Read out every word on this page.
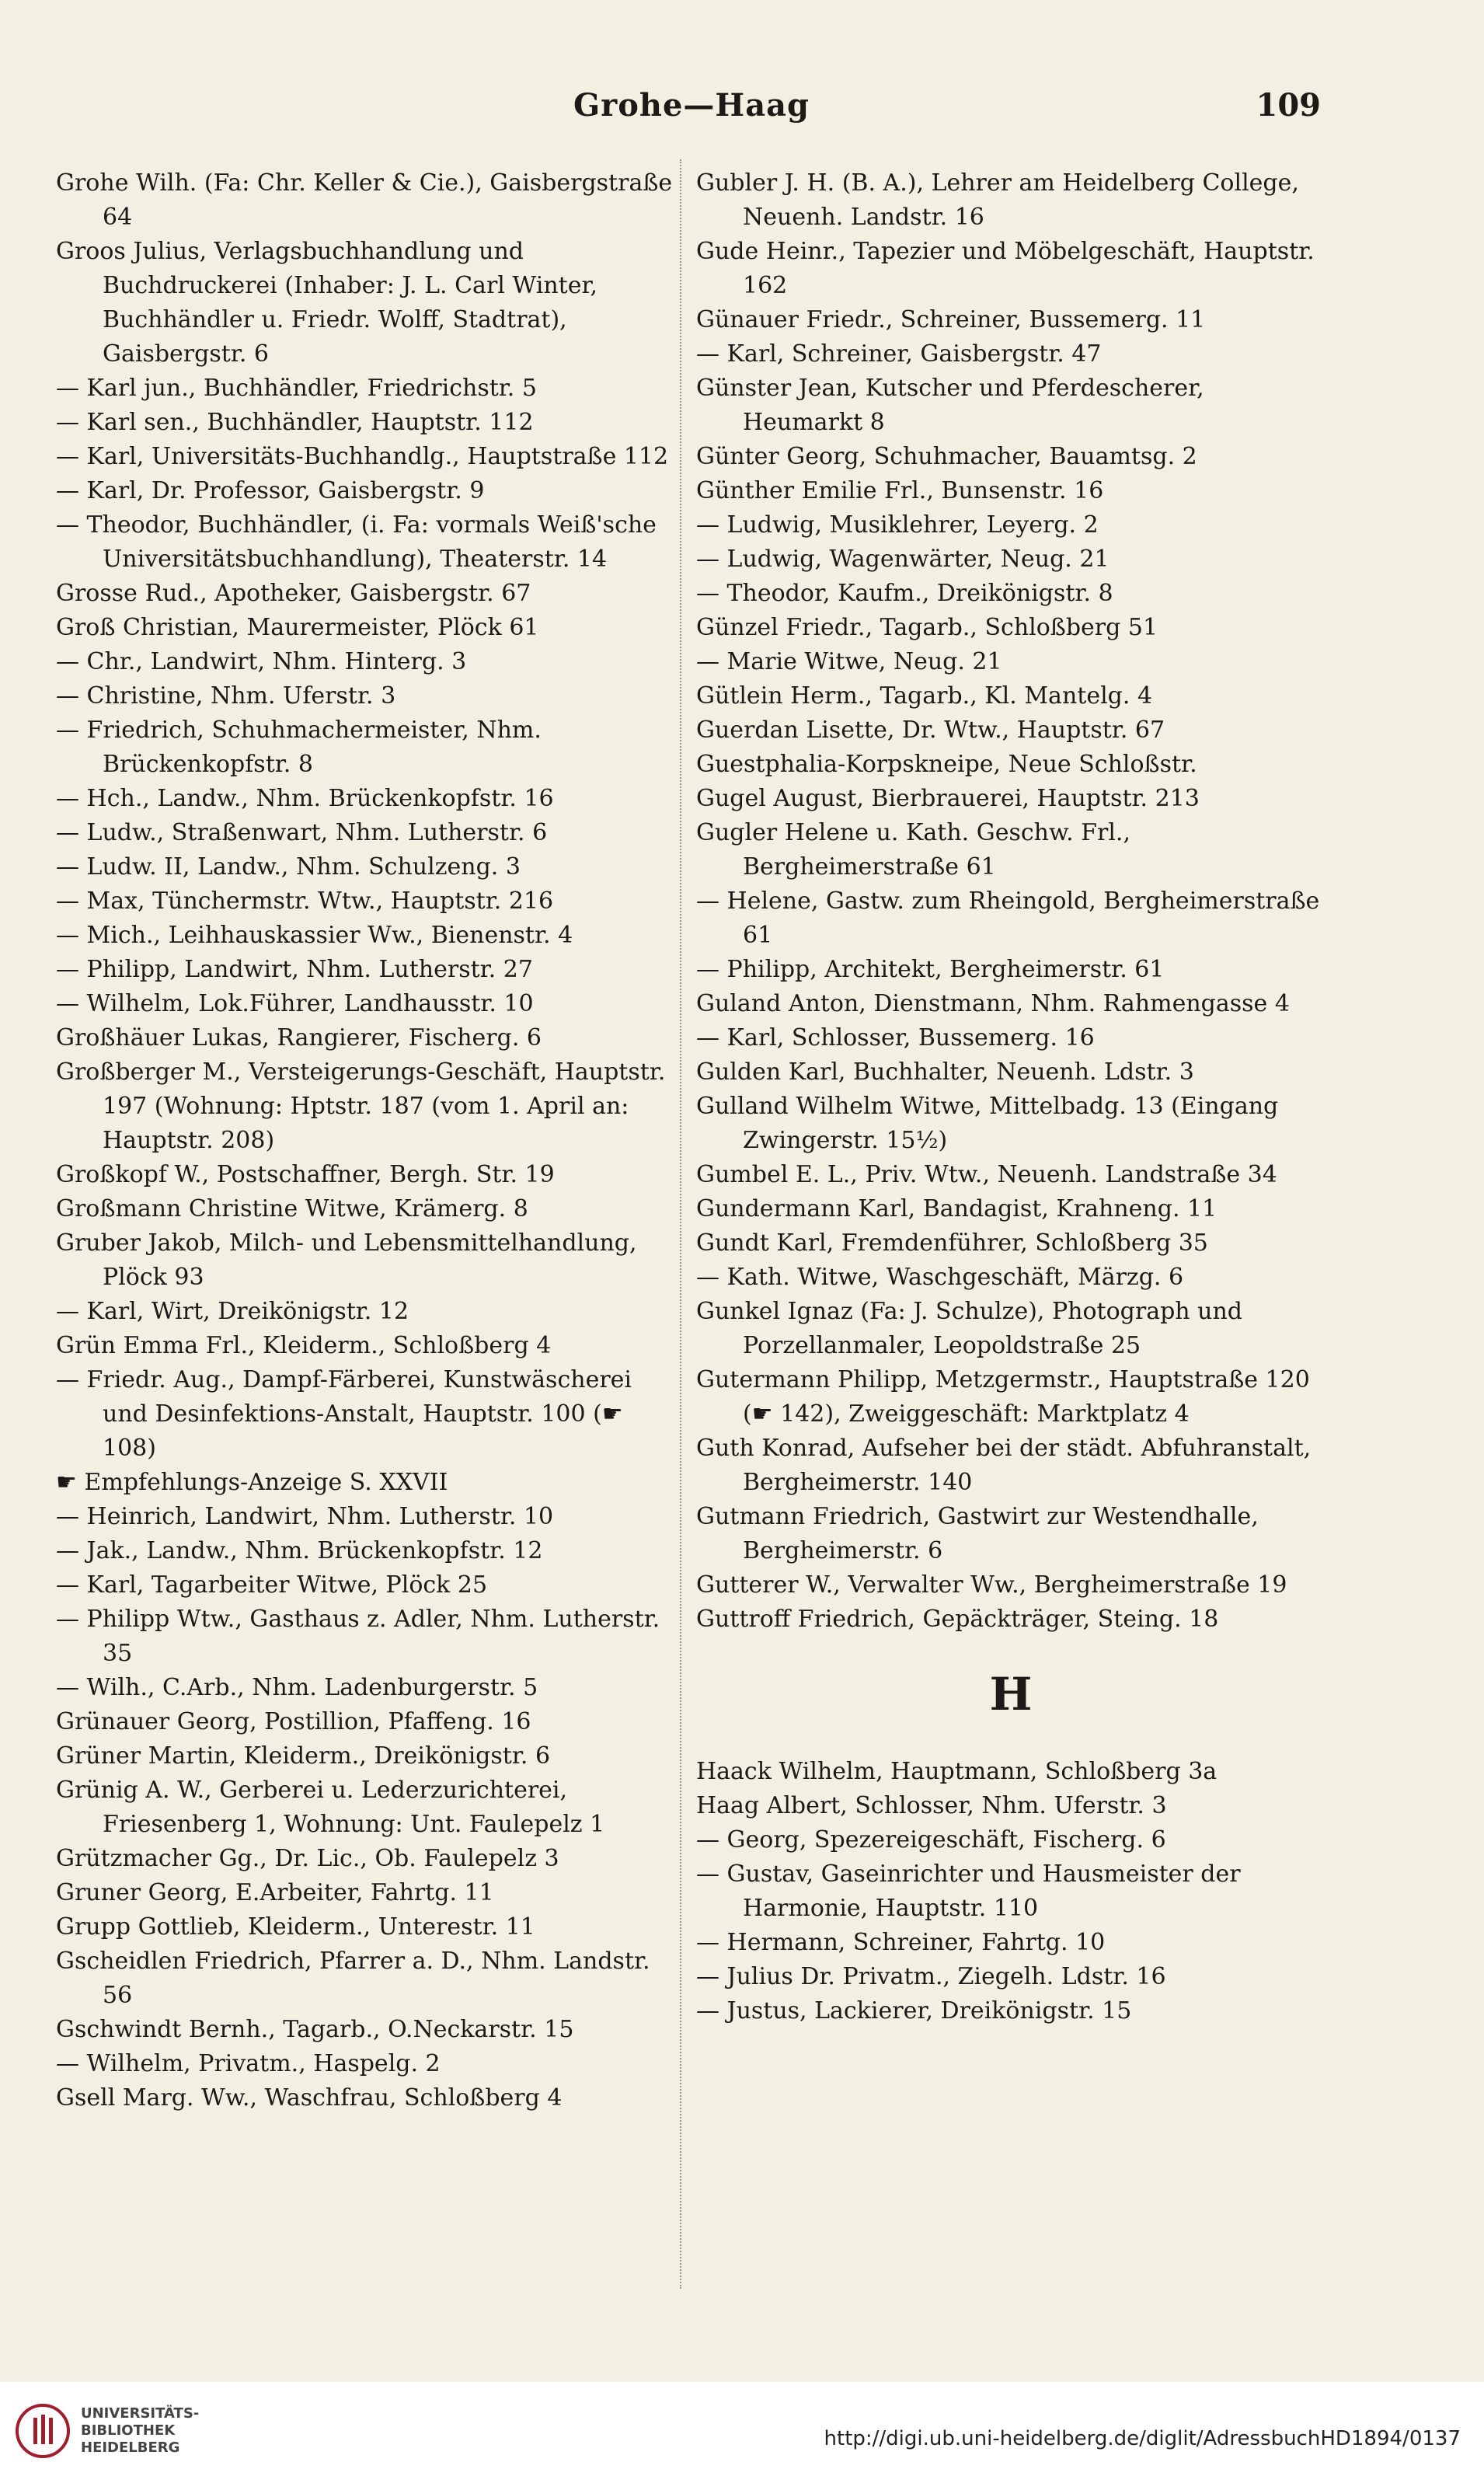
Grohe—Haag	109
Grohe Wilh. (Fa: Chr. Keller & Cie.), Gaisbergstraße 64
Groos Julius, Verlagsbuchhandlung und Buchdruckerei (Inhaber: J. L. Carl Winter, Buchhändler u. Friedr. Wolff, Stadtrat), Gaisbergstr. 6
— Karl jun., Buchhändler, Friedrichstr. 5
— Karl sen., Buchhändler, Hauptstr. 112
— Karl, Universitäts-Buchhandlg., Hauptstraße 112
— Karl, Dr. Professor, Gaisbergstr. 9
— Theodor, Buchhändler, (i. Fa: vormals Weiß'sche Universitätsbuchhandlung), Theaterstr. 14
Grosse Rud., Apotheker, Gaisbergstr. 67
Groß Christian, Maurermeister, Plöck 61
— Chr., Landwirt, Nhm. Hinterg. 3
— Christine, Nhm. Uferstr. 3
— Friedrich, Schuhmachermeister, Nhm. Brückenkopfstr. 8
— Hch., Landw., Nhm. Brückenkopfstr. 16
— Ludw., Straßenwart, Nhm. Lutherstr. 6
— Ludw. II, Landw., Nhm. Schulzeng. 3
— Max, Tünchermstr. Wtw., Hauptstr. 216
— Mich., Leihhauskassier Ww., Bienenstr. 4
— Philipp, Landwirt, Nhm. Lutherstr. 27
— Wilhelm, Lok.Führer, Landhausstr. 10
Großhäuer Lukas, Rangierer, Fischerg. 6
Großberger M., Versteigerungs-Geschäft, Hauptstr. 197 (Wohnung: Hptstr. 187 (vom 1. April an: Hauptstr. 208)
Großkopf W., Postschaffner, Bergh. Str. 19
Großmann Christine Witwe, Krämerg. 8
Gruber Jakob, Milch- und Lebensmittelhandlung, Plöck 93
— Karl, Wirt, Dreikönigstr. 12
Grün Emma Frl., Kleiderm., Schloßberg 4
— Friedr. Aug., Dampf-Färberei, Kunstwäscherei und Desinfektions-Anstalt, Hauptstr. 100 (☛ 108)
☛ Empfehlungs-Anzeige S. XXVII
— Heinrich, Landwirt, Nhm. Lutherstr. 10
— Jak., Landw., Nhm. Brückenkopfstr. 12
— Karl, Tagarbeiter Witwe, Plöck 25
— Philipp Wtw., Gasthaus z. Adler, Nhm. Lutherstr. 35
— Wilh., C.Arb., Nhm. Ladenburgerstr. 5
Grünauer Georg, Postillion, Pfaffeng. 16
Grüner Martin, Kleiderm., Dreikönigstr. 6
Grünig A. W., Gerberei u. Lederzurichterei, Friesenberg 1, Wohnung: Unt. Faulepelz 1
Grützmacher Gg., Dr. Lic., Ob. Faulepelz 3
Gruner Georg, E.Arbeiter, Fahrtg. 11
Grupp Gottlieb, Kleiderm., Unterestr. 11
Gscheidlen Friedrich, Pfarrer a. D., Nhm. Landstr. 56
Gschwindt Bernh., Tagarb., O.Neckarstr. 15
— Wilhelm, Privatm., Haspelg. 2
Gsell Marg. Ww., Waschfrau, Schloßberg 4
Gubler J. H. (B. A.), Lehrer am Heidelberg College, Neuenh. Landstr. 16
Gude Heinr., Tapezier und Möbelgeschäft, Hauptstr. 162
Günauer Friedr., Schreiner, Bussemerg. 11
— Karl, Schreiner, Gaisbergstr. 47
Günster Jean, Kutscher und Pferdescherer, Heumarkt 8
Günter Georg, Schuhmacher, Bauamtsg. 2
Günther Emilie Frl., Bunsenstr. 16
— Ludwig, Musiklehrer, Leyerg. 2
— Ludwig, Wagenwärter, Neug. 21
— Theodor, Kaufm., Dreikönigstr. 8
Günzel Friedr., Tagarb., Schloßberg 51
— Marie Witwe, Neug. 21
Gütlein Herm., Tagarb., Kl. Mantelg. 4
Guerdan Lisette, Dr. Wtw., Hauptstr. 67
Guestphalia-Korpskneipe, Neue Schloßstr.
Gugel August, Bierbrauerei, Hauptstr. 213
Gugler Helene u. Kath. Geschw. Frl., Bergheimerstraße 61
— Helene, Gastw. zum Rheingold, Bergheimerstraße 61
— Philipp, Architekt, Bergheimerstr. 61
Guland Anton, Dienstmann, Nhm. Rahmengasse 4
— Karl, Schlosser, Bussemerg. 16
Gulden Karl, Buchhalter, Neuenh. Ldstr. 3
Gulland Wilhelm Witwe, Mittelbadg. 13 (Eingang Zwingerstr. 15½)
Gumbel E. L., Priv. Wtw., Neuenh. Landstraße 34
Gundermann Karl, Bandagist, Krahneng. 11
Gundt Karl, Fremdenführer, Schloßberg 35
— Kath. Witwe, Waschgeschäft, Märzg. 6
Gunkel Ignaz (Fa: J. Schulze), Photograph und Porzellanmaler, Leopoldstraße 25
Gutermann Philipp, Metzgermstr., Hauptstraße 120 (☛ 142), Zweiggeschäft: Marktplatz 4
Guth Konrad, Aufseher bei der städt. Abfuhranstalt, Bergheimerstr. 140
Gutmann Friedrich, Gastwirt zur Westendhalle, Bergheimerstr. 6
Gutterer W., Verwalter Ww., Bergheimerstraße 19
Guttroff Friedrich, Gepäckträger, Steing. 18
H
Haack Wilhelm, Hauptmann, Schloßberg 3a
Haag Albert, Schlosser, Nhm. Uferstr. 3
— Georg, Spezereigeschäft, Fischerg. 6
— Gustav, Gaseinrichter und Hausmeister der Harmonie, Hauptstr. 110
— Hermann, Schreiner, Fahrtg. 10
— Julius Dr. Privatm., Ziegelh. Ldstr. 16
— Justus, Lackierer, Dreikönigstr. 15
UNIVERSITÄTS-
BIBLIOTHEK
HEIDELBERG	http://digi.ub.uni-heidelberg.de/diglit/AdressbuchHD1894/0137
